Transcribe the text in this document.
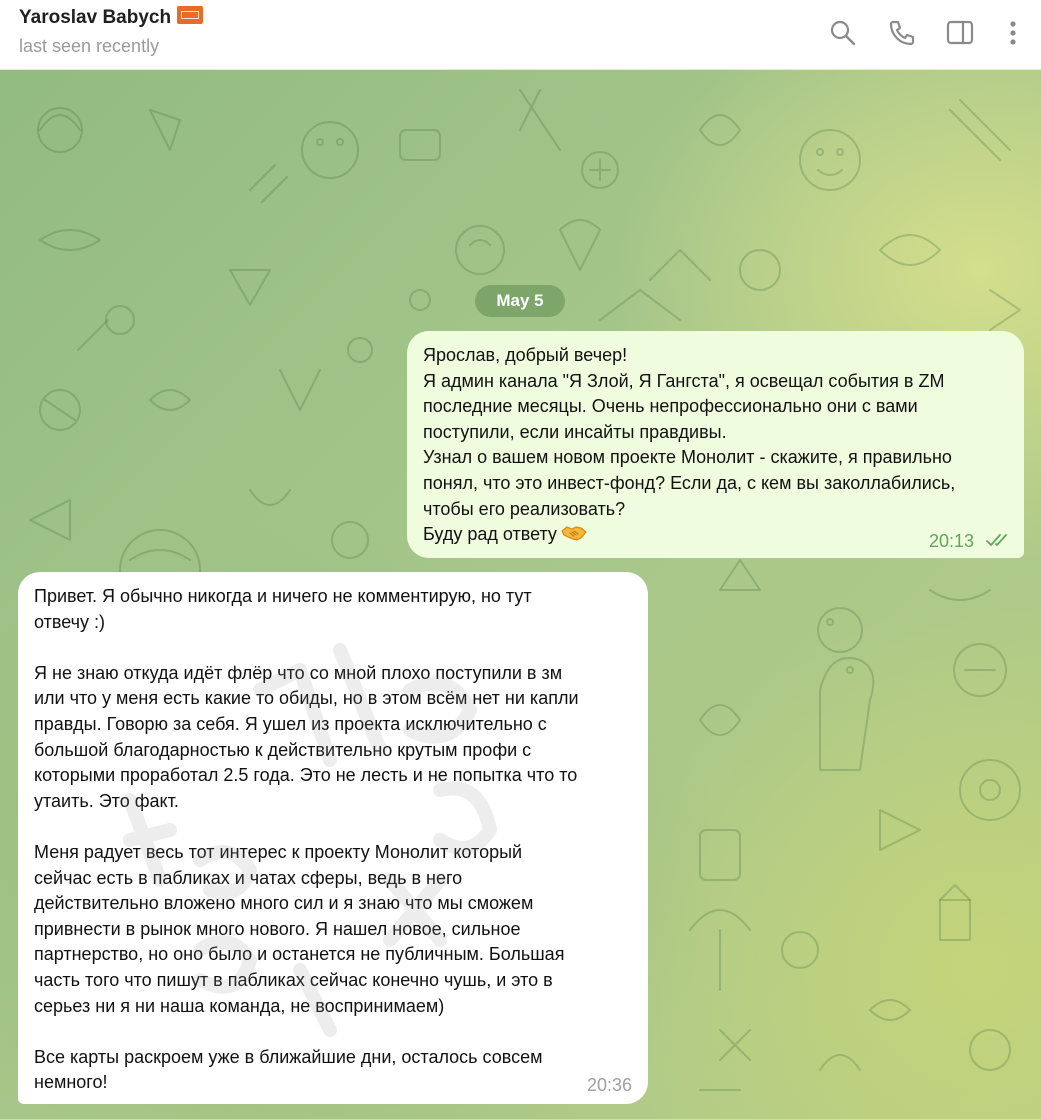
Yaroslav Babych
last seen recently
May 5

Ярослав, добрый вечер!
Я админ канала "Я Злой, Я Гангста", я освещал события в ZM
последние месяцы. Очень непрофессионально они с вами
поступили, если инсайты правдивы.
Узнал о вашем новом проекте Монолит - скажите, я правильно
понял, что это инвест-фонд? Если да, с кем вы заколлабились,
чтобы его реализовать?
Буду рад ответу	20:13

Привет. Я обычно никогда и ничего не комментирую, но тут
отвечу :)

Я не знаю откуда идёт флёр что со мной плохо поступили в зм
или что у меня есть какие то обиды, но в этом всём нет ни капли
правды. Говорю за себя. Я ушел из проекта исключительно с
большой благодарностью к действительно крутым профи с
которыми проработал 2.5 года. Это не лесть и не попытка что то
утаить. Это факт.

Меня радует весь тот интерес к проекту Монолит который
сейчас есть в пабликах и чатах сферы, ведь в него
действительно вложено много сил и я знаю что мы сможем
привнести в рынок много нового. Я нашел новое, сильное
партнерство, но оно было и останется не публичным. Большая
часть того что пишут в пабликах сейчас конечно чушь, и это в
серьез ни я ни наша команда, не воспринимаем)

Все карты раскроем уже в ближайшие дни, осталось совсем
немного!	20:36
